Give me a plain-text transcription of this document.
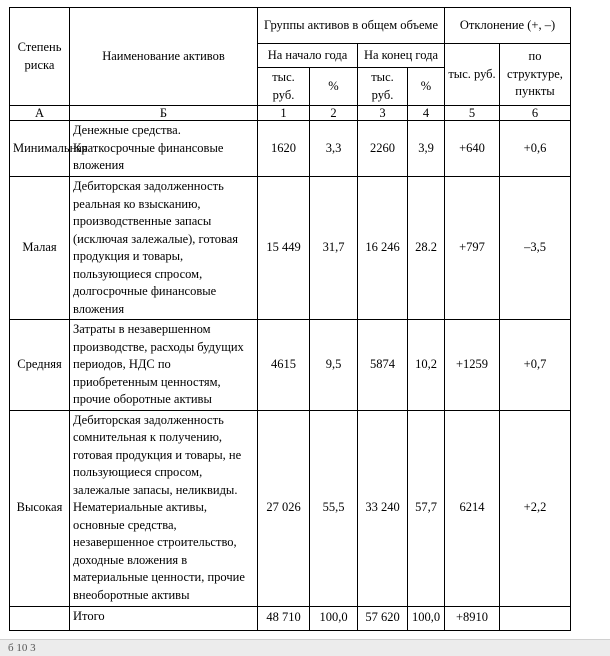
Степень риска	Наименование активов	Группы активов в общем объеме				Отклонение (+, –)	
		На начало года		На конец года		тыс. руб.	по структуре, пункты
		тыс. руб.	%	тыс. руб.	%		
А	Б	1	2	3	4	5	6
Минимальная	Денежные средства. Краткосрочные финансовые вложения	1620	3,3	2260	3,9	+640	+0,6
Малая	Дебиторская задолженность реальная ко взысканию, производственные запасы (исключая залежалые), готовая продукция и товары, пользующиеся спросом, долгосрочные финансовые вложения	15 449	31,7	16 246	28.2	+797	–3,5
Средняя	Затраты в незавершенном производстве, расходы будущих периодов, НДС по приобретенным ценностям, прочие оборотные активы	4615	9,5	5874	10,2	+1259	+0,7
Высокая	Дебиторская задолженность сомнительная к получению, готовая продукция и товары, не пользующиеся спросом, залежалые запасы, неликвиды. Нематериальные активы, основные средства, незавершенное строительство, доходные вложения в материальные ценности, прочие внеоборотные активы	27 026	55,5	33 240	57,7	6214	+2,2
	Итого	48 710	100,0	57 620	100,0	+8910	
б 10 3
